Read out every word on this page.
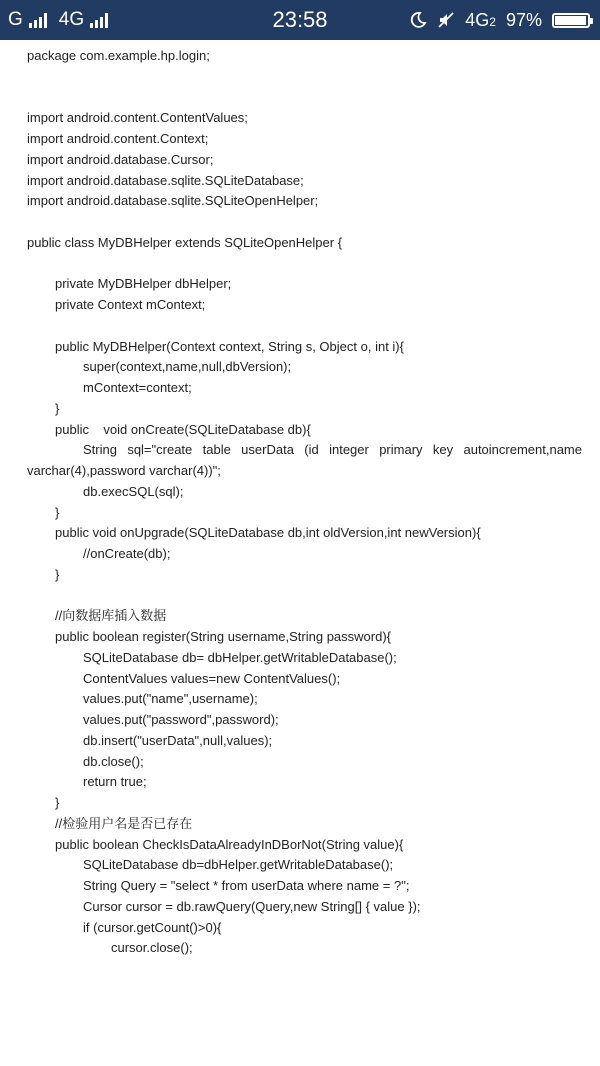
G 4G	23:58	4G 2 97%
package com.example.hp.login;
import android.content.ContentValues;
import android.content.Context;
import android.database.Cursor;
import android.database.sqlite.SQLiteDatabase;
import android.database.sqlite.SQLiteOpenHelper;
public class MyDBHelper extends SQLiteOpenHelper {
private MyDBHelper dbHelper;
private Context mContext;
public MyDBHelper(Context context, String s, Object o, int i){
super(context,name,null,dbVersion);
mContext=context;
}
public    void onCreate(SQLiteDatabase db){
String sql="create table userData (id integer primary key autoincrement,name
varchar(4),password varchar(4))";
db.execSQL(sql);
}
public void onUpgrade(SQLiteDatabase db,int oldVersion,int newVersion){
//onCreate(db);
}
//向数据库插入数据
public boolean register(String username,String password){
SQLiteDatabase db= dbHelper.getWritableDatabase();
ContentValues values=new ContentValues();
values.put("name",username);
values.put("password",password);
db.insert("userData",null,values);
db.close();
return true;
}
//检验用户名是否已存在
public boolean CheckIsDataAlreadyInDBorNot(String value){
SQLiteDatabase db=dbHelper.getWritableDatabase();
String Query = "select * from userData where name = ?";
Cursor cursor = db.rawQuery(Query,new String[] { value });
if (cursor.getCount()>0){
cursor.close();
